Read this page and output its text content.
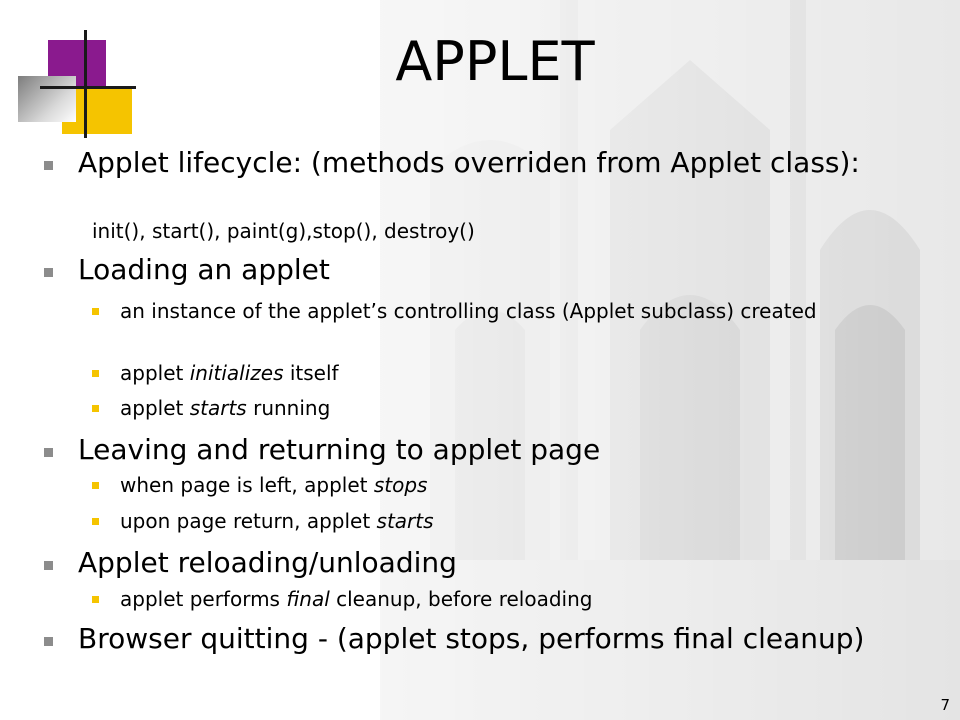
APPLET
Applet lifecycle: (methods overriden from Applet class):
init(), start(), paint(g),stop(), destroy()
Loading an applet
an instance of the applet’s controlling class (Applet subclass) created
applet initializes itself
applet starts running
Leaving and returning to applet page
when page is left, applet stops
upon page return, applet starts
Applet reloading/unloading
applet performs final cleanup, before reloading
Browser quitting - (applet stops, performs final cleanup)
7
